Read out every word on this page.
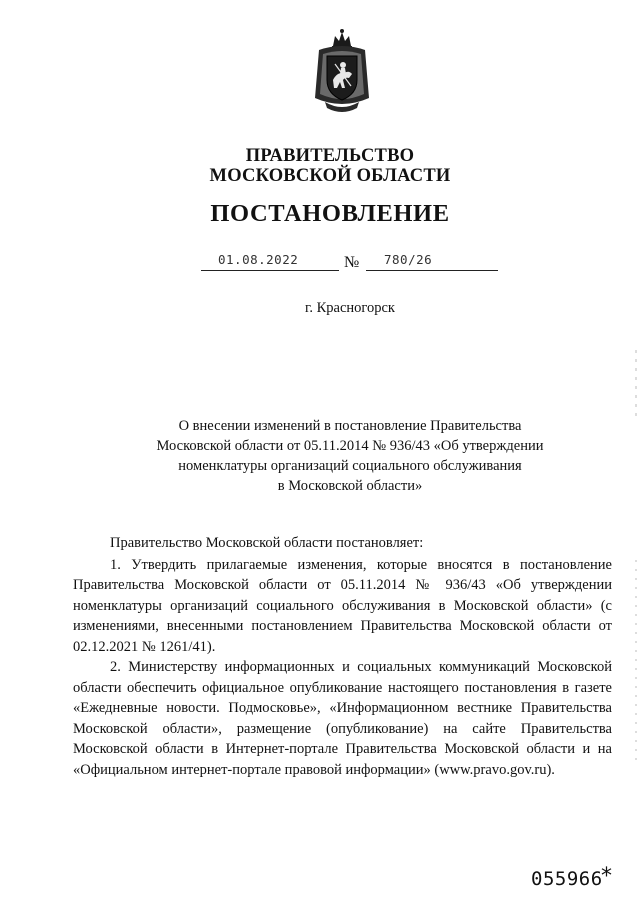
ПРАВИТЕЛЬСТВО
МОСКОВСКОЙ ОБЛАСТИ
ПОСТАНОВЛЕНИЕ
01.08.2022	№ 780/26
г. Красногорск
О внесении изменений в постановление Правительства
Московской области от 05.11.2014 № 936/43 «Об утверждении
номенклатуры организаций социального обслуживания
в Московской области»

Правительство Московской области постановляет:

1. Утвердить прилагаемые изменения, которые вносятся в постановление Правительства Московской области от 05.11.2014 № 936/43 «Об утверждении номенклатуры организаций социального обслуживания в Московской области» (с изменениями, внесенными постановлением Правительства Московской области от 02.12.2021 № 1261/41).

2. Министерству информационных и социальных коммуникаций Московской области обеспечить официальное опубликование настоящего постановления в газете «Ежедневные новости. Подмосковье», «Информационном вестнике Правительства Московской области», размещение (опубликование) на сайте Правительства Московской области в Интернет-портале Правительства Московской области и на «Официальном интернет-портале правовой информации» (www.pravo.gov.ru).

055966
*
